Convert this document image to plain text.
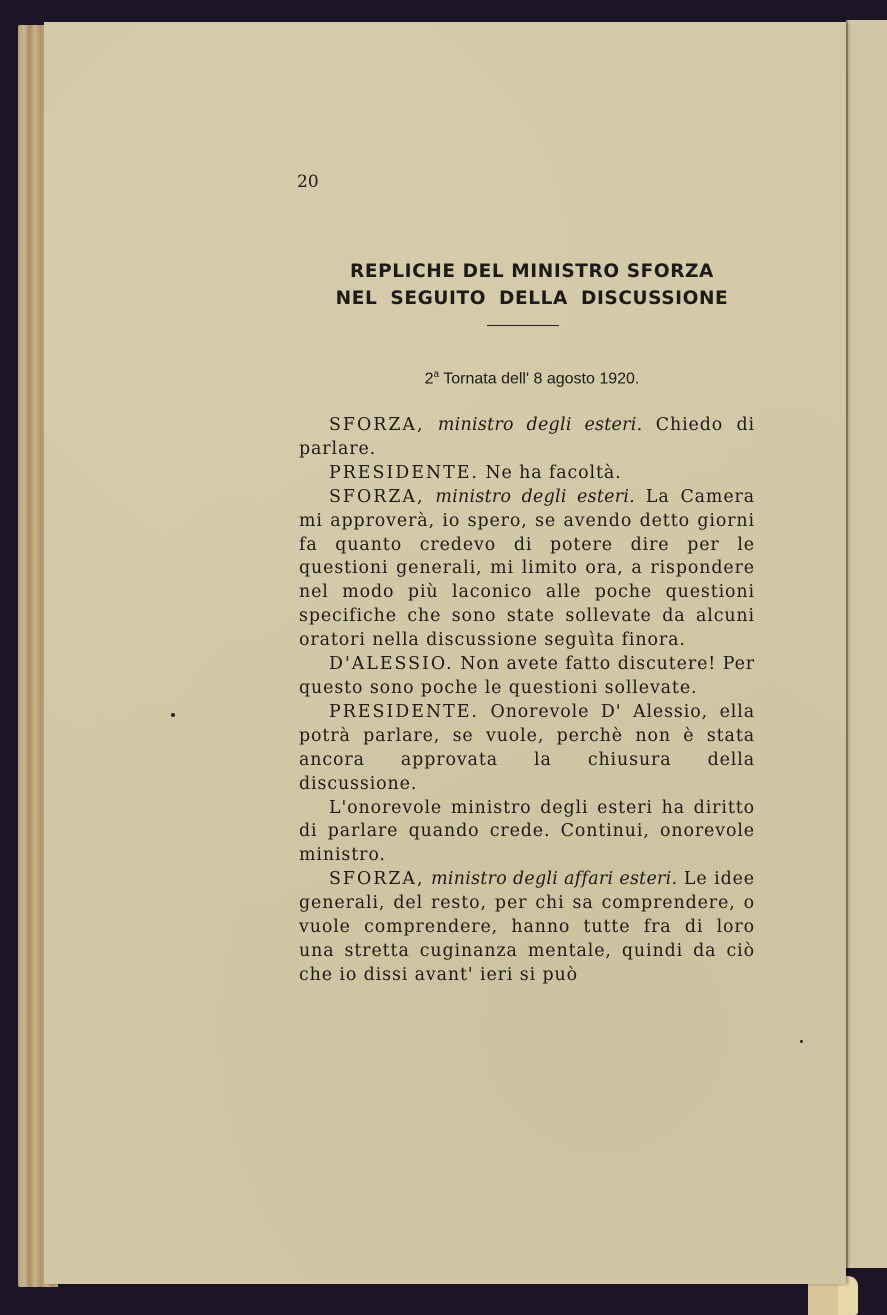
20
REPLICHE DEL MINISTRO SFORZA
NEL SEGUITO DELLA DISCUSSIONE
2$^a$ Tornata dell' 8 agosto 1920.

SFORZA, ministro degli esteri. Chiedo di parlare.

PRESIDENTE. Ne ha facoltà.

SFORZA, ministro degli esteri. La Camera mi approverà, io spero, se avendo detto giorni fa quanto credevo di potere dire per le questioni generali, mi limito ora, a rispondere nel modo più laconico alle poche questioni specifiche che sono state sollevate da alcuni oratori nella discussione seguìta finora.

D'ALESSIO. Non avete fatto discutere! Per questo sono poche le questioni sollevate.

PRESIDENTE. Onorevole D' Alessio, ella potrà parlare, se vuole, perchè non è stata ancora approvata la chiusura della discussione.

L'onorevole ministro degli esteri ha diritto di parlare quando crede. Continui, onorevole ministro.

SFORZA, ministro degli affari esteri. Le idee generali, del resto, per chi sa comprendere, o vuole comprendere, hanno tutte fra di loro una stretta cuginanza mentale, quindi da ciò che io dissi avant' ieri si può
